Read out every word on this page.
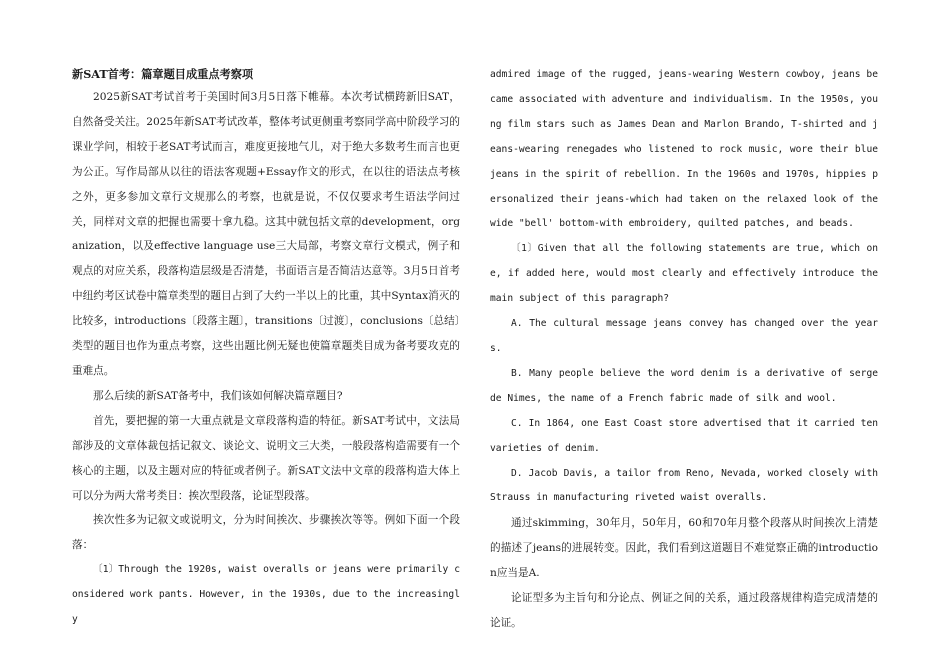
新SAT首考：篇章题目成重点考察项

2025新SAT考试首考于美国时间3月5日落下帷幕。本次考试横跨新旧SAT，自然备受关注。2025年新SAT考试改革，整体考试更侧重考察同学高中阶段学习的课业学问，相较于老SAT考试而言，难度更接地气儿，对于绝大多数考生而言也更为公正。写作局部从以往的语法客观题+Essay作文的形式，在以往的语法点考核之外，更多参加文章行文规那么的考察，也就是说，不仅仅要求考生语法学问过关，同样对文章的把握也需要十拿九稳。这其中就包括文章的development，organization，以及effective language use三大局部，考察文章行文模式，例子和观点的对应关系，段落构造层级是否清楚，书面语言是否简洁达意等。3月5日首考中纽约考区试卷中篇章类型的题目占到了大约一半以上的比重，其中Syntax消灭的比较多，introductions〔段落主题〕，transitions〔过渡〕，conclusions〔总结〕类型的题目也作为重点考察，这些出题比例无疑也使篇章题类目成为备考要攻克的重难点。

那么后续的新SAT备考中，我们该如何解决篇章题目?

首先，要把握的第一大重点就是文章段落构造的特征。新SAT考试中，文法局部涉及的文章体裁包括记叙文、谈论文、说明文三大类，一般段落构造需要有一个核心的主题，以及主题对应的特征或者例子。新SAT文法中文章的段落构造大体上可以分为两大常考类目：挨次型段落，论证型段落。

挨次性多为记叙文或说明文，分为时间挨次、步骤挨次等等。例如下面一个段落：

〔1〕Through the 1920s, waist overalls or jeans were primarily considered work pants. However, in the 1930s, due to the increasingly

admired image of the rugged, jeans-wearing Western cowboy, jeans became associated with adventure and individualism. In the 1950s, young film stars such as James Dean and Marlon Brando, T-shirted and jeans-wearing renegades who listened to rock music, wore their blue jeans in the spirit of rebellion. In the 1960s and 1970s, hippies personalized their jeans-which had taken on the relaxed look of the wide "bell' bottom-with embroidery, quilted patches, and beads.

〔1〕Given that all the following statements are true, which one, if added here, would most clearly and effectively introduce the main subject of this paragraph?

A. The cultural message jeans convey has changed over the years.

B. Many people believe the word denim is a derivative of serge de Nimes, the name of a French fabric made of silk and wool.

C. In 1864, one East Coast store advertised that it carried ten varieties of denim.

D. Jacob Davis, a tailor from Reno, Nevada, worked closely with Strauss in manufacturing riveted waist overalls.

通过skimming，30年月，50年月，60和70年月整个段落从时间挨次上清楚的描述了jeans的进展转变。因此，我们看到这道题目不难觉察正确的introduction应当是A.

论证型多为主旨句和分论点、例证之间的关系，通过段落规律构造完成清楚的论证。
